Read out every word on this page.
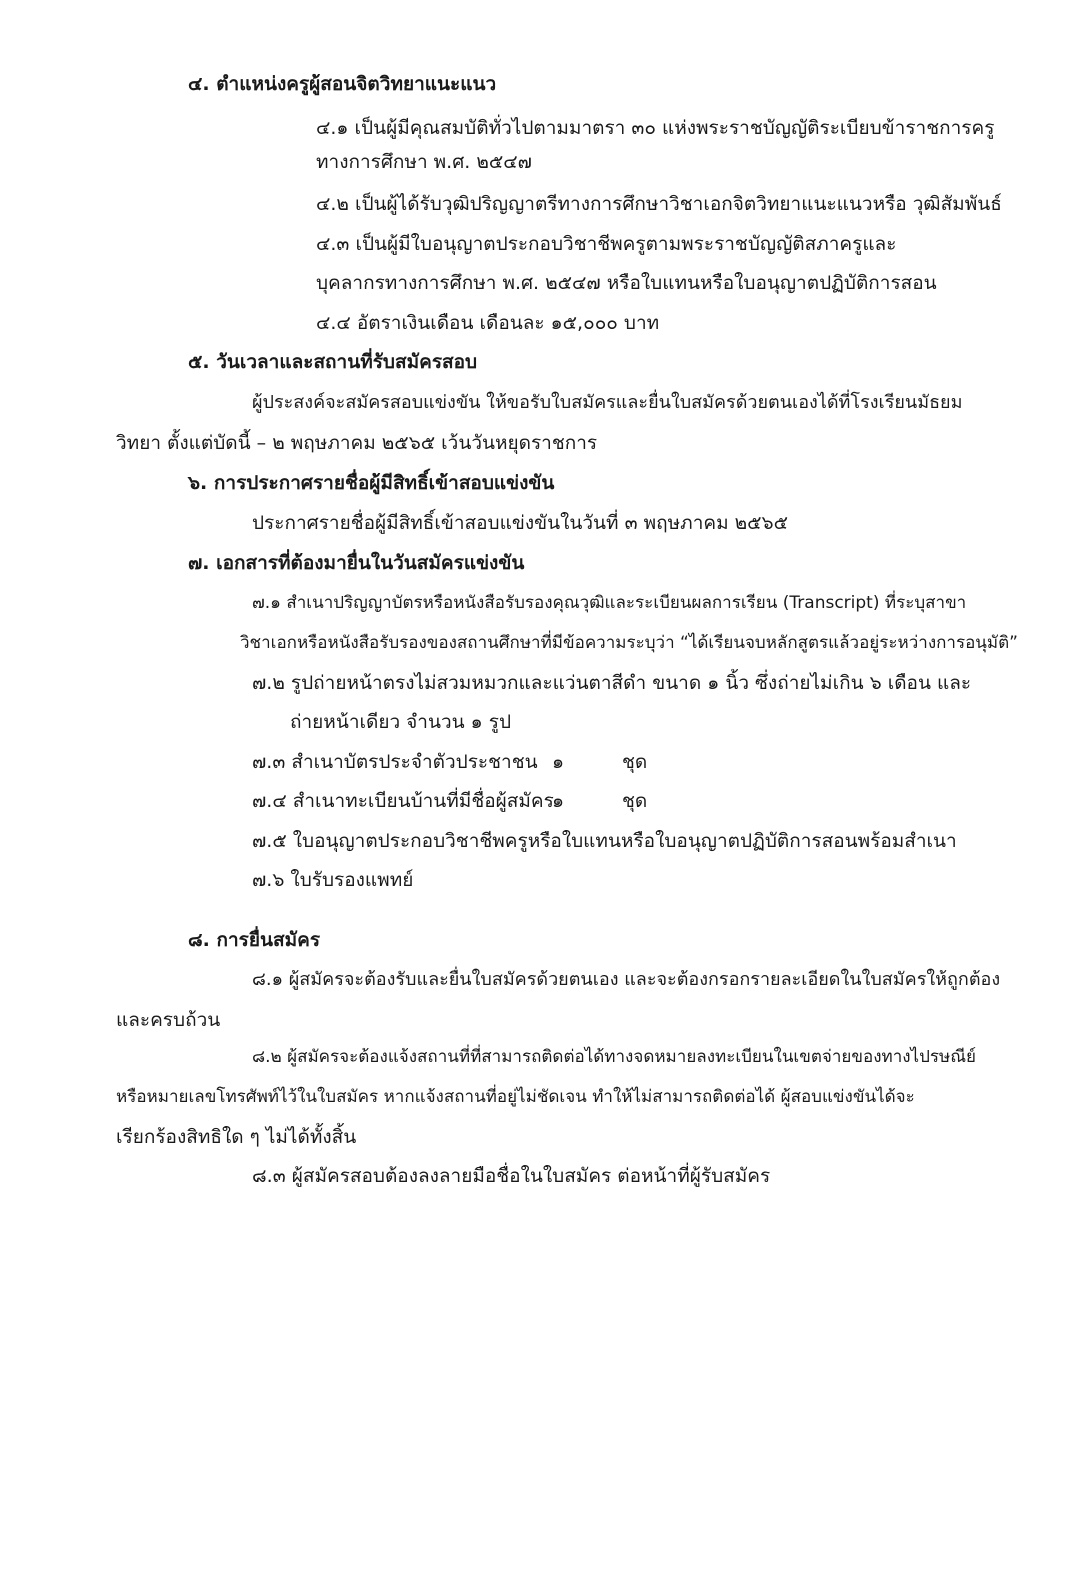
๔. ตำแหน่งครูผู้สอนจิตวิทยาแนะแนว
๔.๑ เป็นผู้มีคุณสมบัติทั่วไปตามมาตรา ๓๐ แห่งพระราชบัญญัติระเบียบข้าราชการครู
ทางการศึกษา พ.ศ. ๒๕๔๗
๔.๒ เป็นผู้ได้รับวุฒิปริญญาตรีทางการศึกษาวิชาเอกจิตวิทยาแนะแนวหรือ วุฒิสัมพันธ์
๔.๓ เป็นผู้มีใบอนุญาตประกอบวิชาชีพครูตามพระราชบัญญัติสภาครูและ
บุคลากรทางการศึกษา พ.ศ. ๒๕๔๗ หรือใบแทนหรือใบอนุญาตปฏิบัติการสอน
๔.๔ อัตราเงินเดือน เดือนละ ๑๕,๐๐๐ บาท
๕. วันเวลาและสถานที่รับสมัครสอบ
ผู้ประสงค์จะสมัครสอบแข่งขัน ให้ขอรับใบสมัครและยื่นใบสมัครด้วยตนเองได้ที่โรงเรียนมัธยม
วิทยา ตั้งแต่บัดนี้ – ๒ พฤษภาคม ๒๕๖๕ เว้นวันหยุดราชการ
๖. การประกาศรายชื่อผู้มีสิทธิ์เข้าสอบแข่งขัน
ประกาศรายชื่อผู้มีสิทธิ์เข้าสอบแข่งขันในวันที่ ๓ พฤษภาคม ๒๕๖๕
๗. เอกสารที่ต้องมายื่นในวันสมัครแข่งขัน
๗.๑ สำเนาปริญญาบัตรหรือหนังสือรับรองคุณวุฒิและระเบียนผลการเรียน (Transcript) ที่ระบุสาขา
วิชาเอกหรือหนังสือรับรองของสถานศึกษาที่มีข้อความระบุว่า “ได้เรียนจบหลักสูตรแล้วอยู่ระหว่างการอนุมัติ”
๗.๒ รูปถ่ายหน้าตรงไม่สวมหมวกและแว่นตาสีดำ ขนาด ๑ นิ้ว ซึ่งถ่ายไม่เกิน ๖ เดือน และ
ถ่ายหน้าเดียว จำนวน ๑ รูป
๗.๓ สำเนาบัตรประจำตัวประชาชน ๑	ชุด
๗.๔ สำเนาทะเบียนบ้านที่มีชื่อผู้สมัคร
๑	ชุด
๗.๕ ใบอนุญาตประกอบวิชาชีพครูหรือใบแทนหรือใบอนุญาตปฏิบัติการสอนพร้อมสำเนา
๗.๖ ใบรับรองแพทย์
๘. การยื่นสมัคร
๘.๑ ผู้สมัครจะต้องรับและยื่นใบสมัครด้วยตนเอง และจะต้องกรอกรายละเอียดในใบสมัครให้ถูกต้อง
และครบถ้วน
๘.๒ ผู้สมัครจะต้องแจ้งสถานที่ที่สามารถติดต่อได้ทางจดหมายลงทะเบียนในเขตจ่ายของทางไปรษณีย์
หรือหมายเลขโทรศัพท์ไว้ในใบสมัคร หากแจ้งสถานที่อยู่ไม่ชัดเจน ทำให้ไม่สามารถติดต่อได้ ผู้สอบแข่งขันได้จะ
เรียกร้องสิทธิใด ๆ ไม่ได้ทั้งสิ้น
๘.๓ ผู้สมัครสอบต้องลงลายมือชื่อในใบสมัคร ต่อหน้าที่ผู้รับสมัคร
